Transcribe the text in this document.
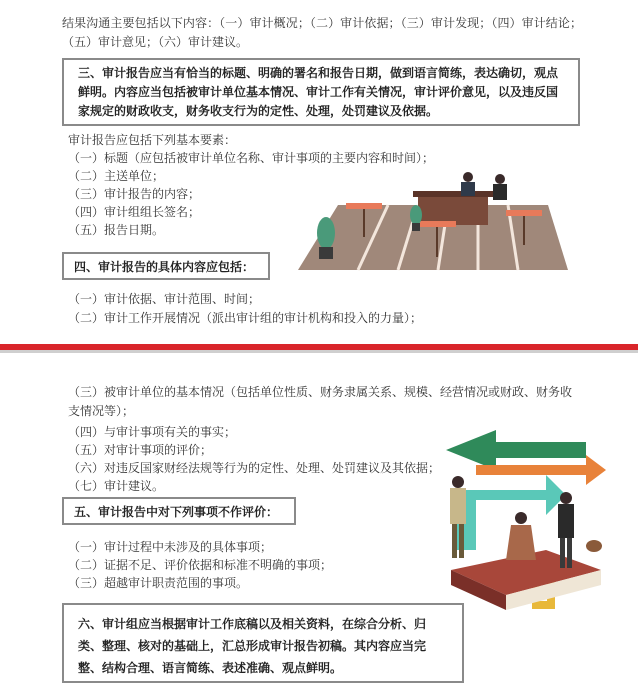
结果沟通主要包括以下内容：（一）审计概况；（二）审计依据；（三）审计发现；（四）审计结论；（五）审计意见；（六）审计建议。
三、审计报告应当有恰当的标题、明确的署名和报告日期，做到语言简练，表达确切，观点鲜明。内容应当包括被审计单位基本情况、审计工作有关情况，审计评价意见，以及违反国家规定的财政收支，财务收支行为的定性、处理，处罚建议及依据。
审计报告应包括下列基本要素：
（一）标题（应包括被审计单位名称、审计事项的主要内容和时间）；
（二）主送单位；
（三）审计报告的内容；
（四）审计组组长签名；
（五）报告日期。
四、审计报告的具体内容应包括：
（一）审计依据、审计范围、时间；
（二）审计工作开展情况（派出审计组的审计机构和投入的力量）；
（三）被审计单位的基本情况（包括单位性质、财务隶属关系、规模、经营情况或财政、财务收支情况等）；
（四）与审计事项有关的事实；
（五）对审计事项的评价；
（六）对违反国家财经法规等行为的定性、处理、处罚建议及其依据；
（七）审计建议。
五、审计报告中对下列事项不作评价：
（一）审计过程中未涉及的具体事项；
（二）证据不足、评价依据和标准不明确的事项；
（三）超越审计职责范围的事项。
六、审计组应当根据审计工作底稿以及相关资料，在综合分析、归类、整理、核对的基础上，汇总形成审计报告初稿。其内容应当完整、结构合理、语言简练、表述准确、观点鲜明。
